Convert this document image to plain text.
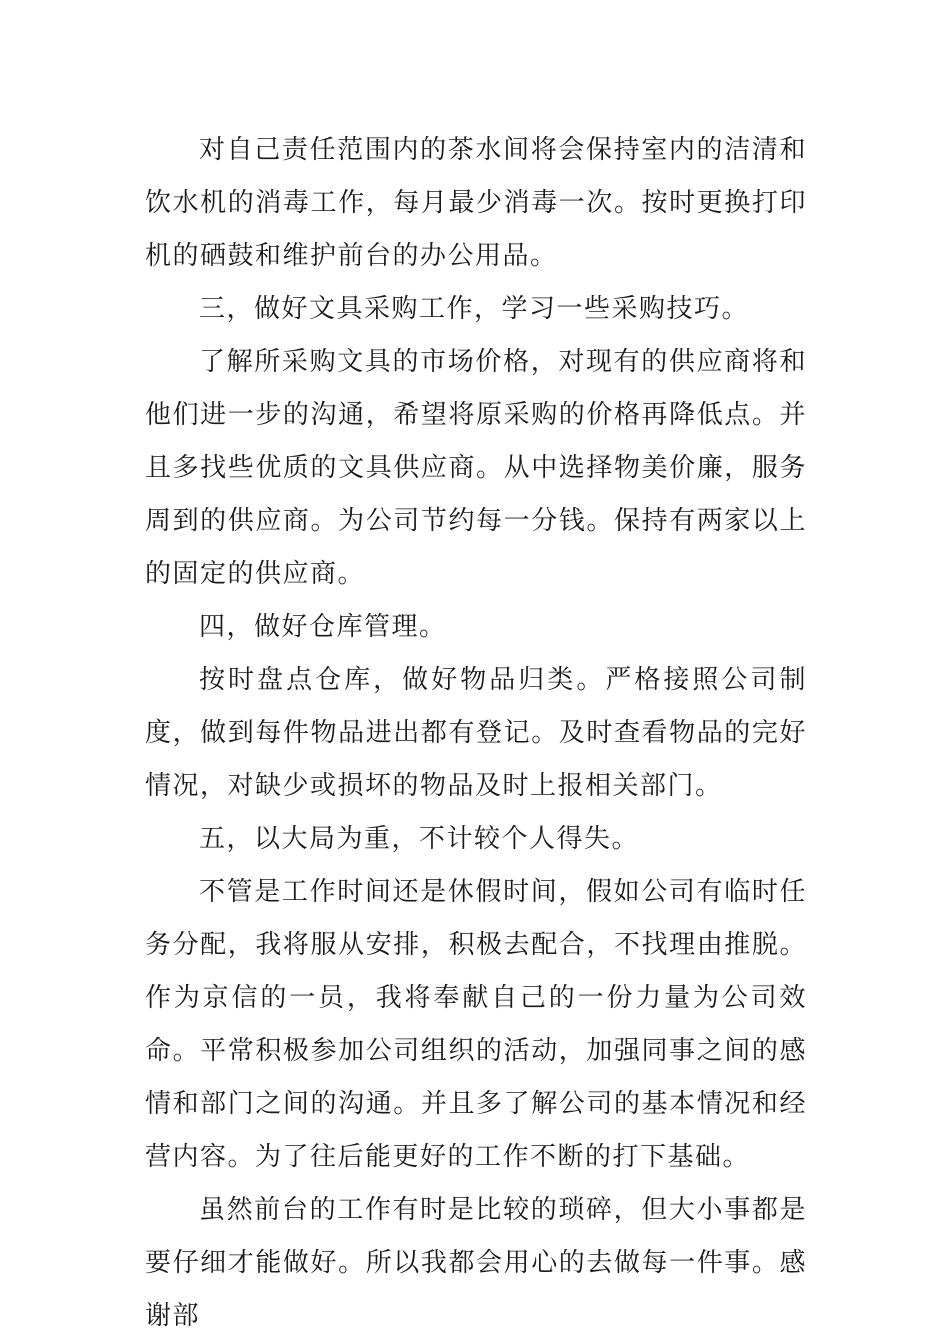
对自己责任范围内的茶水间将会保持室内的洁清和饮水机的消毒工作，每月最少消毒一次。按时更换打印机的硒鼓和维护前台的办公用品。

三，做好文具采购工作，学习一些采购技巧。

了解所采购文具的市场价格，对现有的供应商将和他们进一步的沟通，希望将原采购的价格再降低点。并且多找些优质的文具供应商。从中选择物美价廉，服务周到的供应商。为公司节约每一分钱。保持有两家以上的固定的供应商。

四，做好仓库管理。

按时盘点仓库，做好物品归类。严格接照公司制度，做到每件物品进出都有登记。及时查看物品的完好情况，对缺少或损坏的物品及时上报相关部门。

五，以大局为重，不计较个人得失。

不管是工作时间还是休假时间，假如公司有临时任务分配，我将服从安排，积极去配合，不找理由推脱。作为京信的一员，我将奉献自己的一份力量为公司效命。平常积极参加公司组织的活动，加强同事之间的感情和部门之间的沟通。并且多了解公司的基本情况和经营内容。为了往后能更好的工作不断的打下基础。

虽然前台的工作有时是比较的琐碎，但大小事都是要仔细才能做好。所以我都会用心的去做每一件事。感谢部
